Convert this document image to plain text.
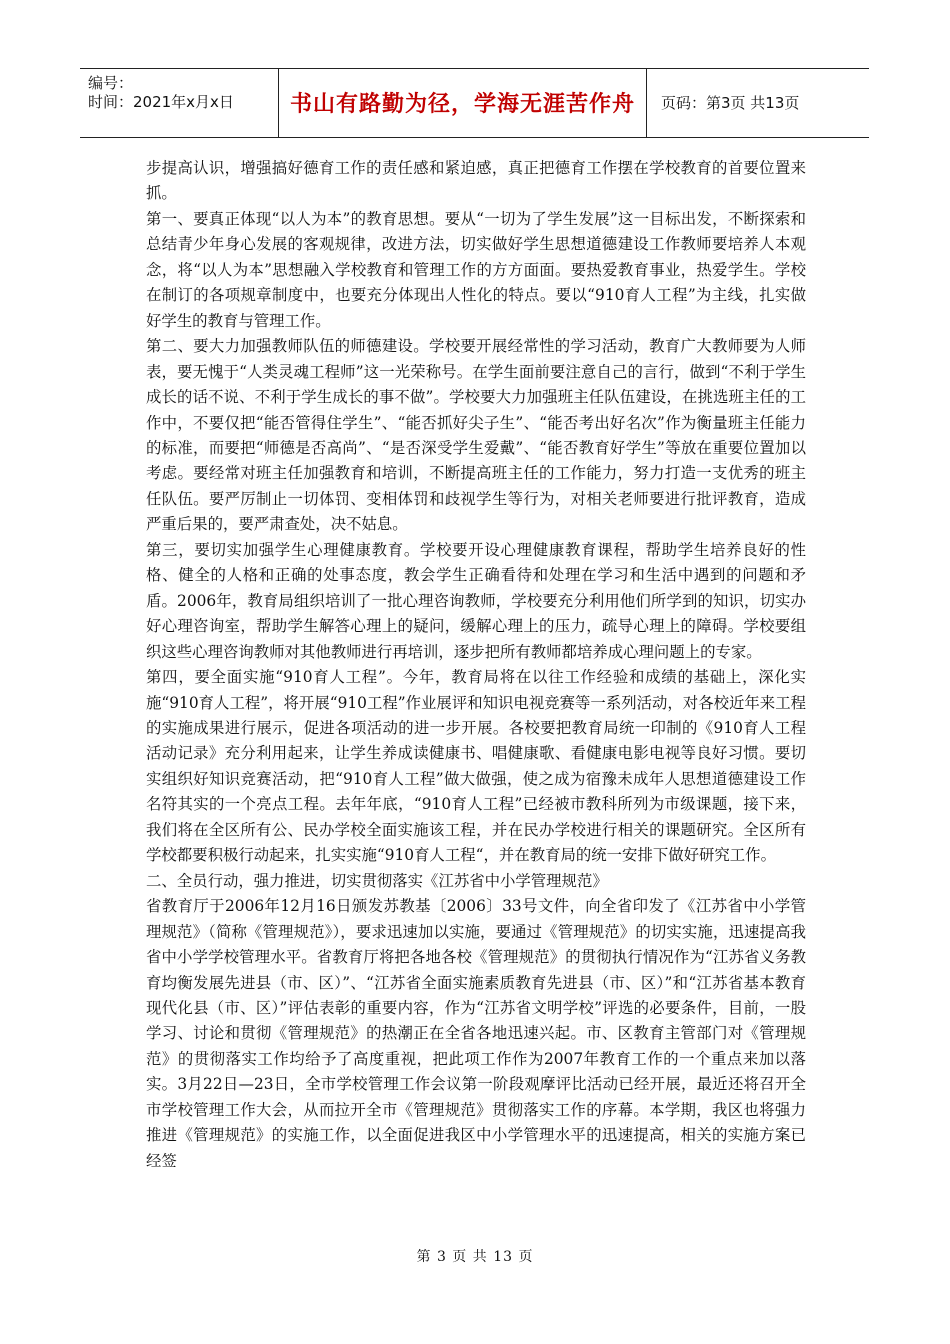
编号：
时间：2021年x月x日	书山有路勤为径，学海无涯苦作舟	页码：第3页 共13页

步提高认识，增强搞好德育工作的责任感和紧迫感，真正把德育工作摆在学校教育的首要位置来抓。

第一、要真正体现“以人为本”的教育思想。要从“一切为了学生发展”这一目标出发，不断探索和总结青少年身心发展的客观规律，改进方法，切实做好学生思想道德建设工作教师要培养人本观念，将“以人为本”思想融入学校教育和管理工作的方方面面。要热爱教育事业，热爱学生。学校在制订的各项规章制度中，也要充分体现出人性化的特点。要以“910育人工程”为主线，扎实做好学生的教育与管理工作。

第二、要大力加强教师队伍的师德建设。学校要开展经常性的学习活动，教育广大教师要为人师表，要无愧于“人类灵魂工程师”这一光荣称号。在学生面前要注意自己的言行，做到“不利于学生成长的话不说、不利于学生成长的事不做”。学校要大力加强班主任队伍建设，在挑选班主任的工作中，不要仅把“能否管得住学生”、“能否抓好尖子生”、“能否考出好名次”作为衡量班主任能力的标准，而要把“师德是否高尚”、“是否深受学生爱戴”、“能否教育好学生”等放在重要位置加以考虑。要经常对班主任加强教育和培训，不断提高班主任的工作能力，努力打造一支优秀的班主任队伍。要严厉制止一切体罚、变相体罚和歧视学生等行为，对相关老师要进行批评教育，造成严重后果的，要严肃查处，决不姑息。

第三，要切实加强学生心理健康教育。学校要开设心理健康教育课程，帮助学生培养良好的性格、健全的人格和正确的处事态度，教会学生正确看待和处理在学习和生活中遇到的问题和矛盾。2006年，教育局组织培训了一批心理咨询教师，学校要充分利用他们所学到的知识，切实办好心理咨询室，帮助学生解答心理上的疑问，缓解心理上的压力，疏导心理上的障碍。学校要组织这些心理咨询教师对其他教师进行再培训，逐步把所有教师都培养成心理问题上的专家。

第四，要全面实施“910育人工程”。今年，教育局将在以往工作经验和成绩的基础上，深化实施“910育人工程”，将开展“910工程”作业展评和知识电视竞赛等一系列活动，对各校近年来工程的实施成果进行展示，促进各项活动的进一步开展。各校要把教育局统一印制的《910育人工程活动记录》充分利用起来，让学生养成读健康书、唱健康歌、看健康电影电视等良好习惯。要切实组织好知识竞赛活动，把“910育人工程”做大做强，使之成为宿豫未成年人思想道德建设工作名符其实的一个亮点工程。去年年底，“910育人工程”已经被市教科所列为市级课题，接下来，我们将在全区所有公、民办学校全面实施该工程，并在民办学校进行相关的课题研究。全区所有学校都要积极行动起来，扎实实施“910育人工程“，并在教育局的统一安排下做好研究工作。

二、全员行动，强力推进，切实贯彻落实《江苏省中小学管理规范》

省教育厅于2006年12月16日颁发苏教基〔2006〕33号文件，向全省印发了《江苏省中小学管理规范》（简称《管理规范》），要求迅速加以实施，要通过《管理规范》的切实实施，迅速提高我省中小学学校管理水平。省教育厅将把各地各校《管理规范》的贯彻执行情况作为“江苏省义务教育均衡发展先进县（市、区）”、“江苏省全面实施素质教育先进县（市、区）”和“江苏省基本教育现代化县（市、区）”评估表彰的重要内容，作为“江苏省文明学校”评选的必要条件，目前，一股学习、讨论和贯彻《管理规范》的热潮正在全省各地迅速兴起。市、区教育主管部门对《管理规范》的贯彻落实工作均给予了高度重视，把此项工作作为2007年教育工作的一个重点来加以落实。3月22日—23日，全市学校管理工作会议第一阶段观摩评比活动已经开展，最近还将召开全市学校管理工作大会，从而拉开全市《管理规范》贯彻落实工作的序幕。本学期，我区也将强力推进《管理规范》的实施工作，以全面促进我区中小学管理水平的迅速提高，相关的实施方案已经签

第 3 页 共 13 页
